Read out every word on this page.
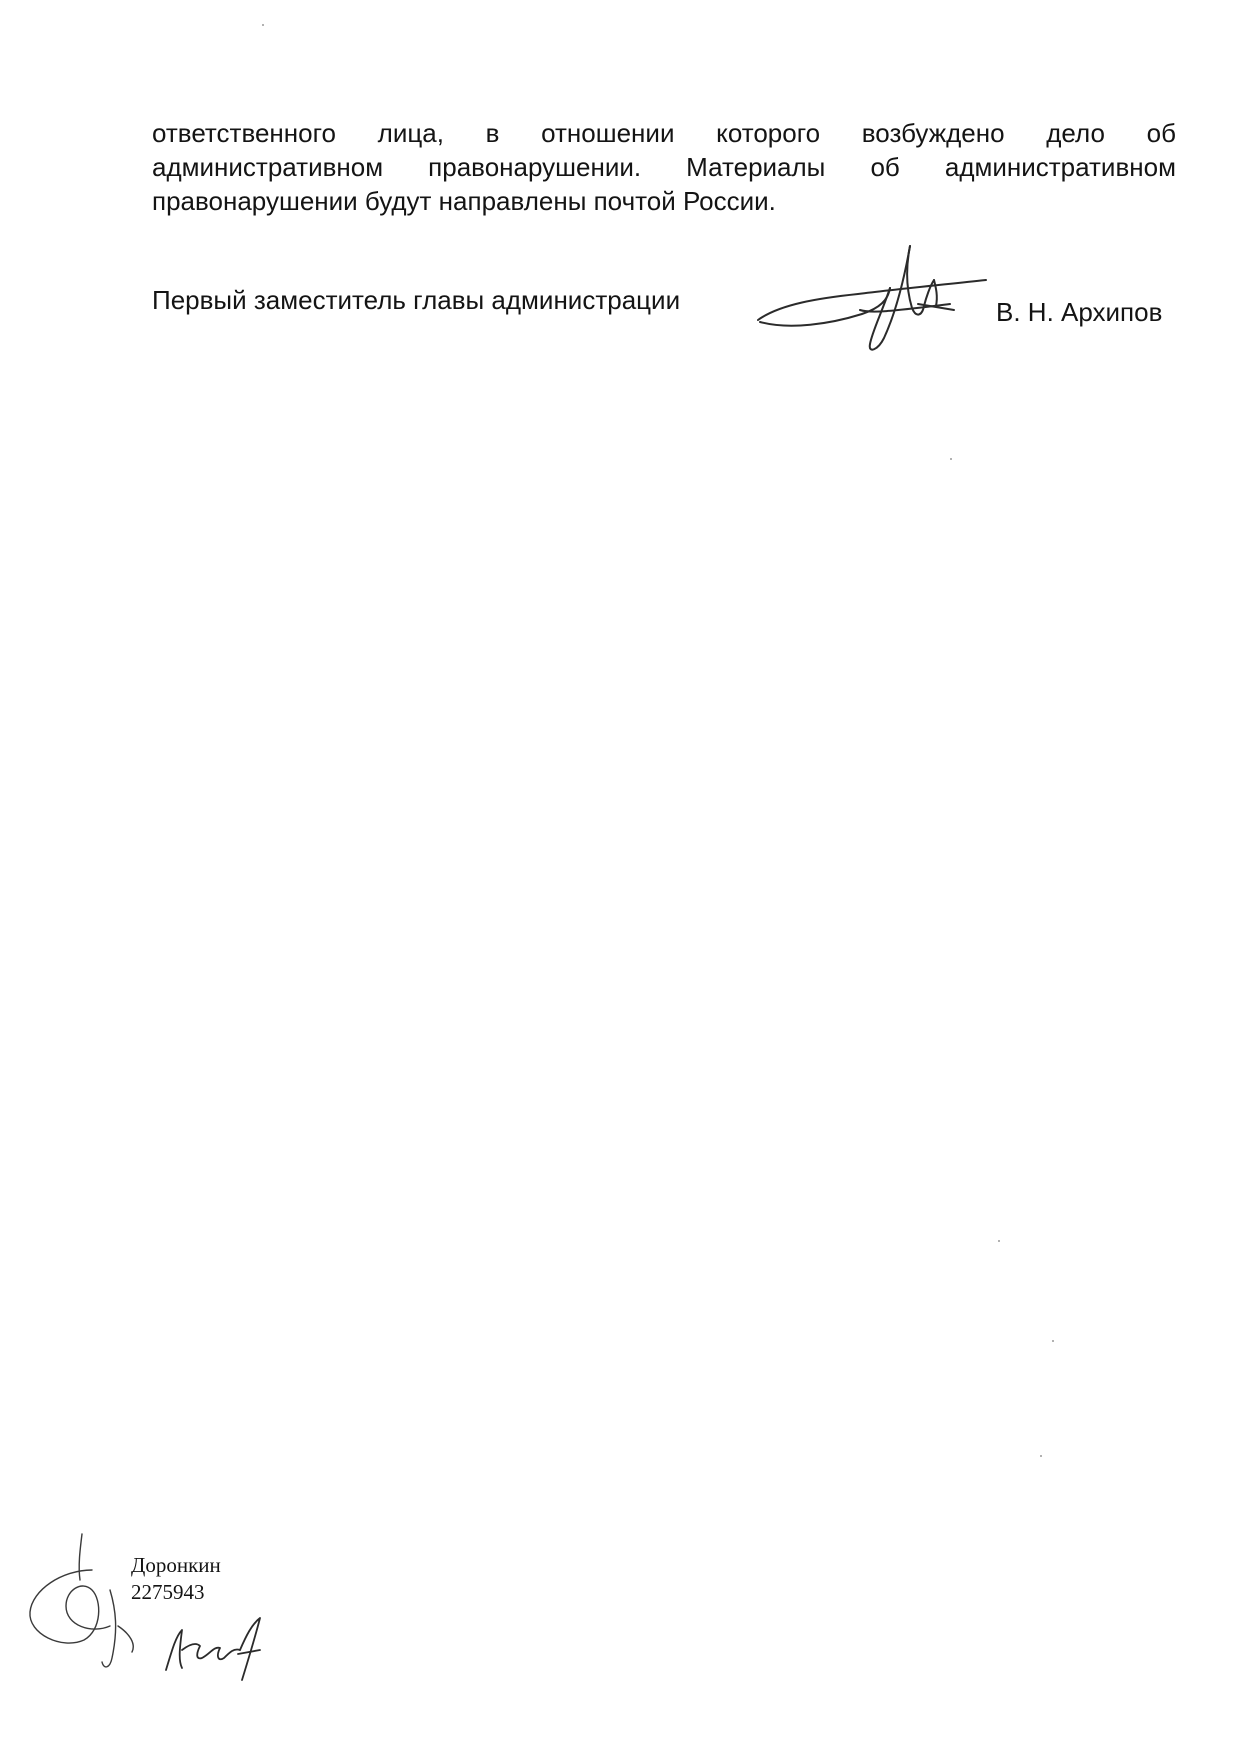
ответственного лица, в отношении которого возбуждено дело об
административном правонарушении. Материалы об административном
правонарушении будут направлены почтой России.
Первый заместитель главы администрации	В. Н. Архипов
Доронкин
2275943
